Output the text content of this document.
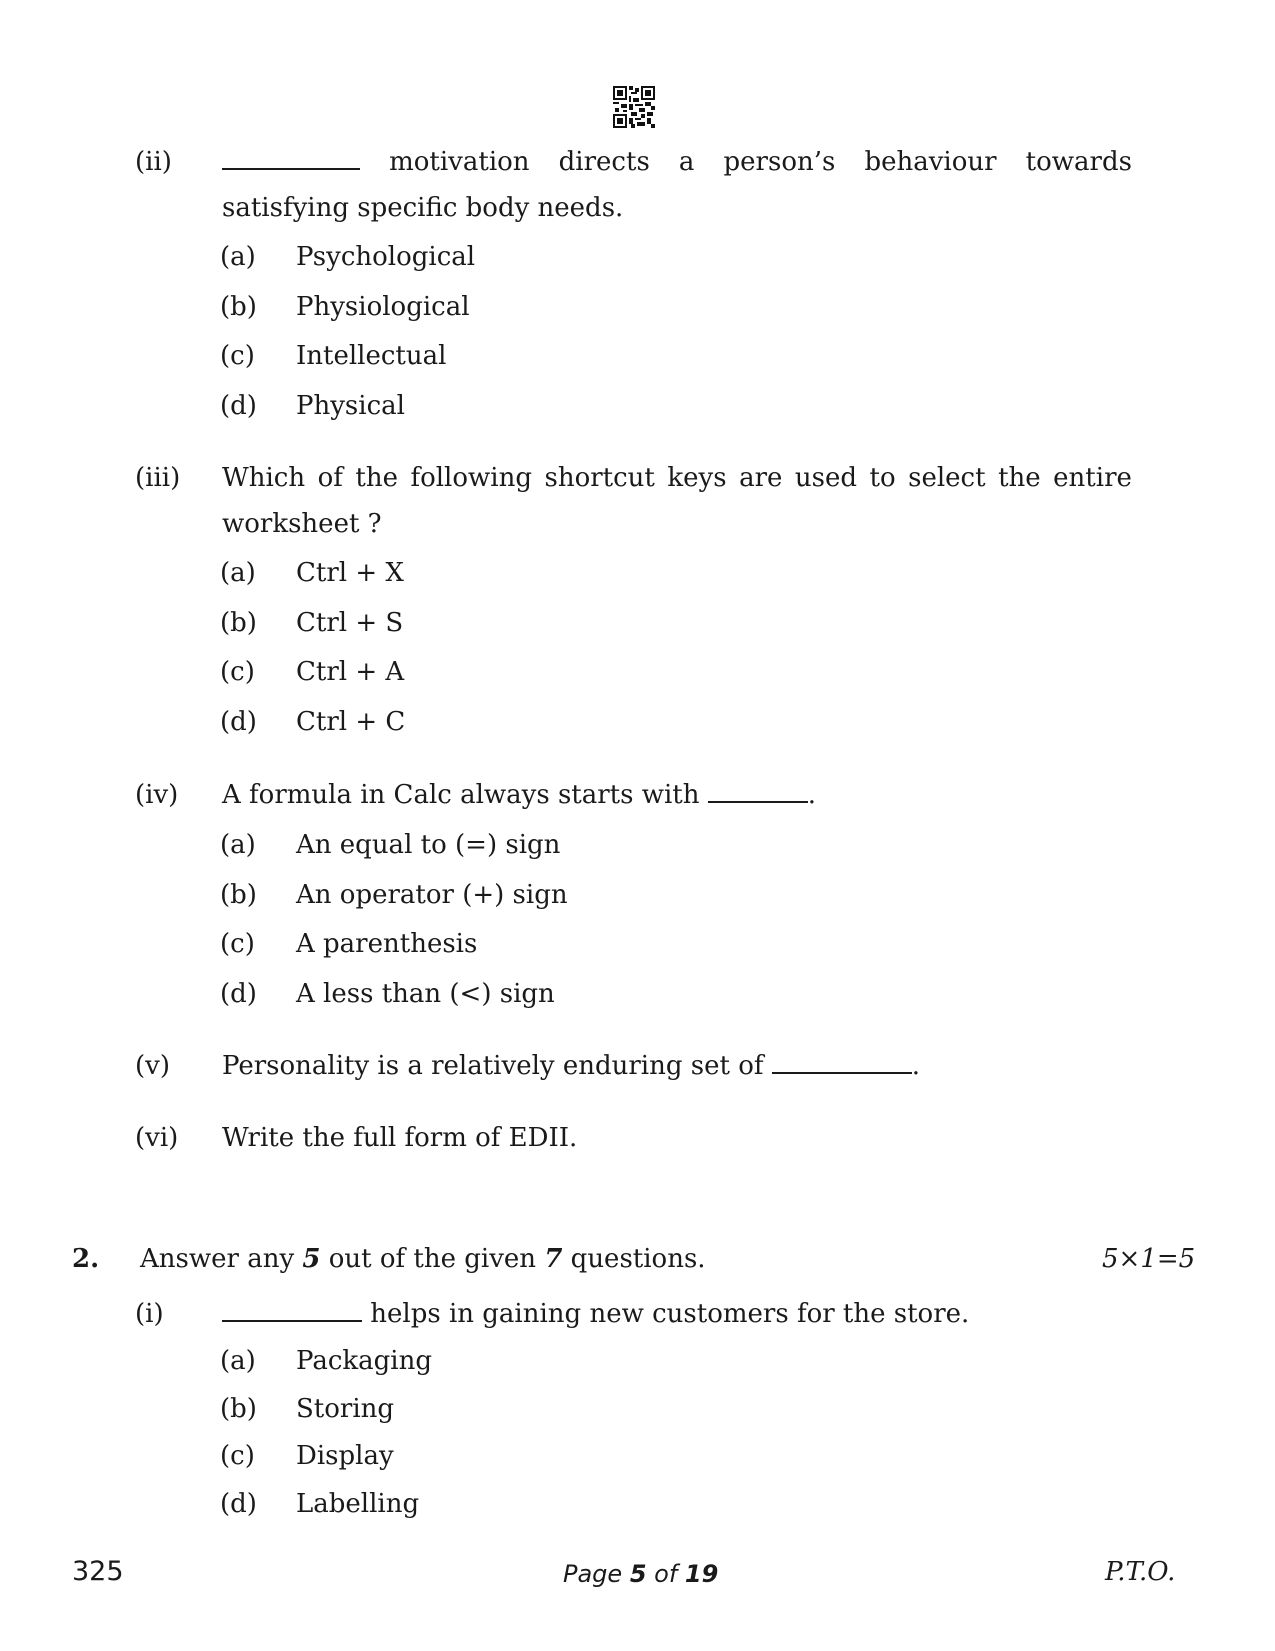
(ii)	motivation directs a person’s behaviour towards
satisfying specific body needs.
(a) Psychological
(b) Physiological
(c) Intellectual
(d) Physical
(iii) Which of the following shortcut keys are used to select the entire
worksheet ?
(a) Ctrl + X
(b) Ctrl + S
(c) Ctrl + A
(d) Ctrl + C
(iv) A formula in Calc always starts with	.
(a) An equal to (=) sign
(b) An operator (+) sign
(c) A parenthesis
(d) A less than (<) sign
(v) Personality is a relatively enduring set of	.
(vi) Write the full form of EDII.
2. Answer any 5 out of the given 7 questions.	5×1=5
(i)	helps in gaining new customers for the store.
(a) Packaging
(b) Storing
(c) Display
(d) Labelling
325	Page 5 of 19	P.T.O.
